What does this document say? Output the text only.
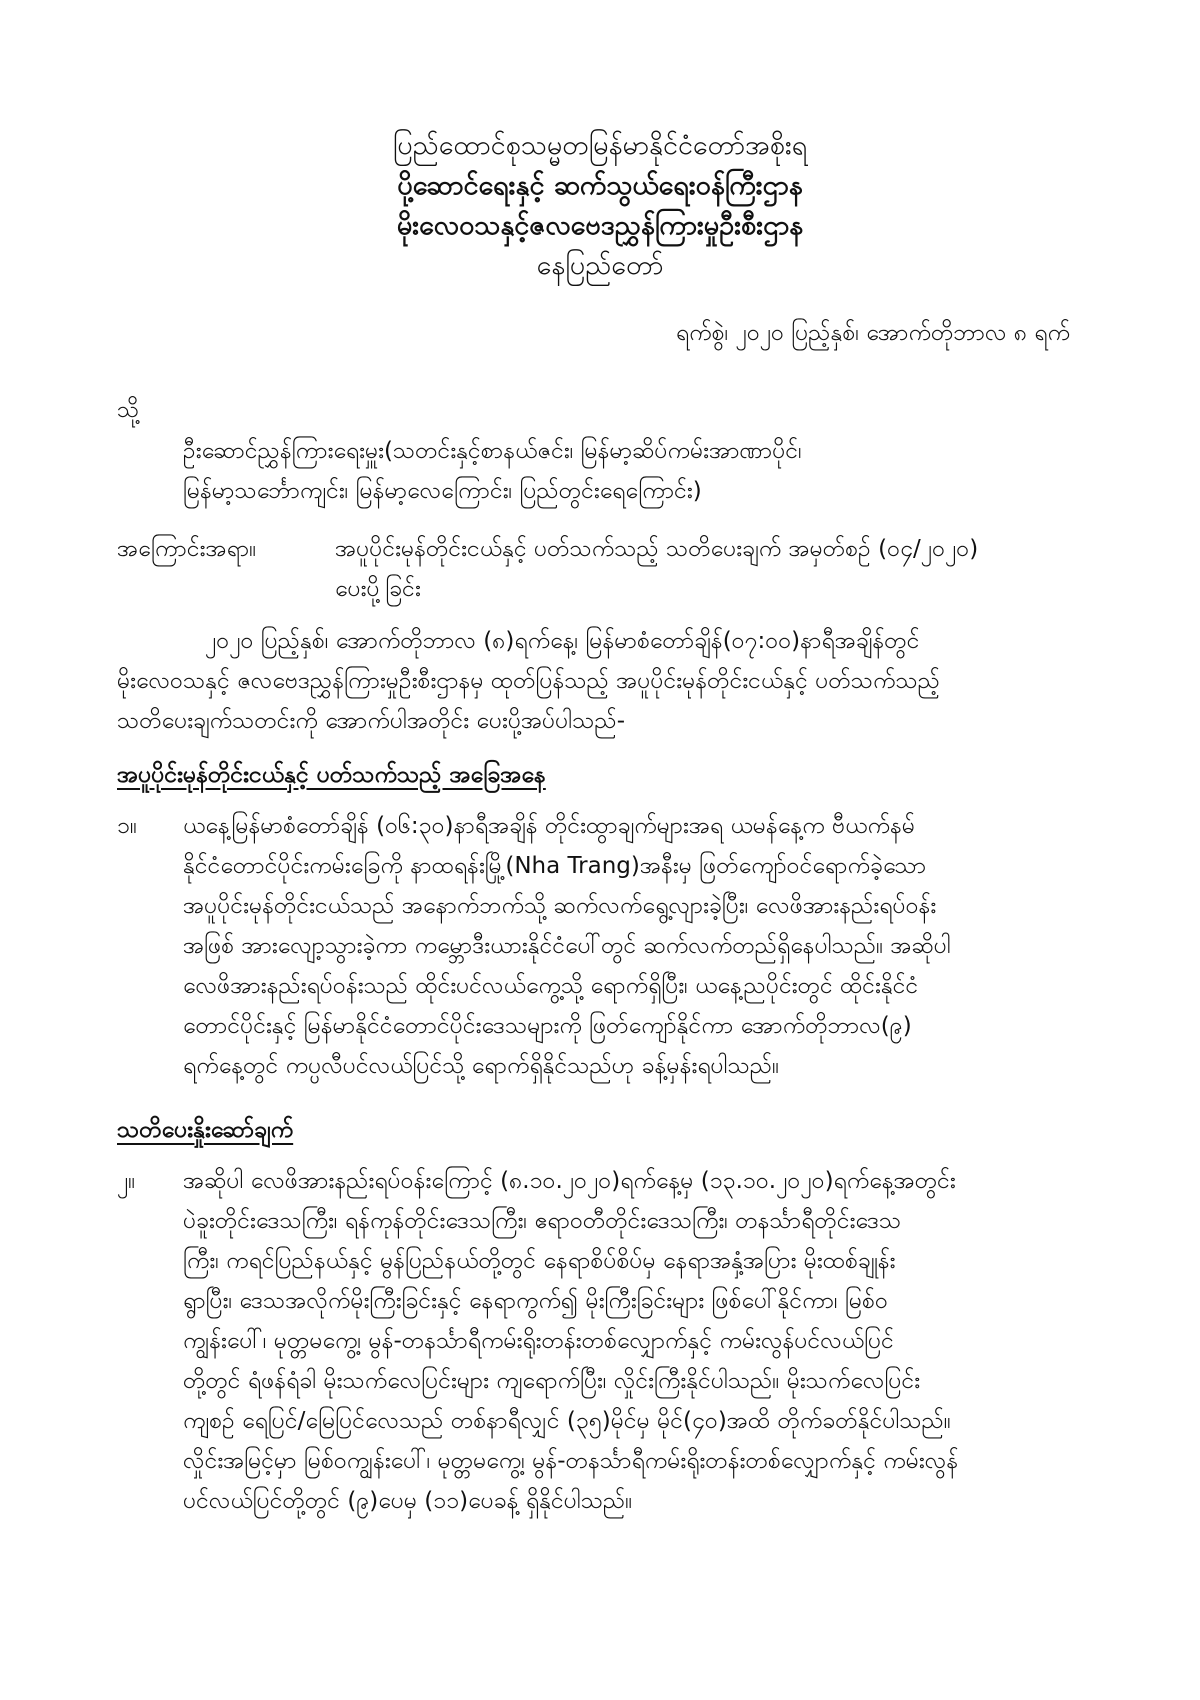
ပြည်ထောင်စုသမ္မတမြန်မာနိုင်ငံတော်အစိုးရ
ပို့ဆောင်ရေးနှင့် ဆက်သွယ်ရေးဝန်ကြီးဌာန
မိုးလေဝသနှင့်ဇလဗေဒညွှန်ကြားမှုဦးစီးဌာန
နေပြည်တော်
ရက်စွဲ၊ ၂၀၂၀ ပြည့်နှစ်၊ အောက်တိုဘာလ ၈ ရက်
သို့
ဦးဆောင်ညွှန်ကြားရေးမှူး(သတင်းနှင့်စာနယ်ဇင်း၊ မြန်မာ့ဆိပ်ကမ်းအာဏာပိုင်၊
မြန်မာ့သင်္ဘောကျင်း၊ မြန်မာ့လေကြောင်း၊ ပြည်တွင်းရေကြောင်း)
အကြောင်းအရာ။	အပူပိုင်းမုန်တိုင်းငယ်နှင့် ပတ်သက်သည့် သတိပေးချက် အမှတ်စဉ် (၀၄/၂၀၂၀)
ပေးပို့ခြင်း
၂၀၂၀ ပြည့်နှစ်၊ အောက်တိုဘာလ (၈)ရက်နေ့၊ မြန်မာစံတော်ချိန်(၀၇:၀၀)နာရီအချိန်တွင်
မိုးလေဝသနှင့် ဇလဗေဒညွှန်ကြားမှုဦးစီးဌာနမှ ထုတ်ပြန်သည့် အပူပိုင်းမုန်တိုင်းငယ်နှင့် ပတ်သက်သည့်
သတိပေးချက်သတင်းကို အောက်ပါအတိုင်း ပေးပို့အပ်ပါသည်-
အပူပိုင်းမုန်တိုင်းငယ်နှင့် ပတ်သက်သည့် အခြေအနေ
၁။ ယနေ့မြန်မာစံတော်ချိန် (၀၆:၃၀)နာရီအချိန် တိုင်းထွာချက်များအရ ယမန်နေ့က ဗီယက်နမ်
နိုင်ငံတောင်ပိုင်းကမ်းခြေကို နာထရန်းမြို့(Nha Trang)အနီးမှ ဖြတ်ကျော်ဝင်ရောက်ခဲ့သော
အပူပိုင်းမုန်တိုင်းငယ်သည် အနောက်ဘက်သို့ ဆက်လက်ရွေ့လျားခဲ့ပြီး၊ လေဖိအားနည်းရပ်ဝန်း
အဖြစ် အားလျော့သွားခဲ့ကာ ကမ္ဘောဒီးယားနိုင်ငံပေါ်တွင် ဆက်လက်တည်ရှိနေပါသည်။ အဆိုပါ
လေဖိအားနည်းရပ်ဝန်းသည် ထိုင်းပင်လယ်ကွေ့သို့ ရောက်ရှိပြီး၊ ယနေ့ညပိုင်းတွင် ထိုင်းနိုင်ငံ
တောင်ပိုင်းနှင့် မြန်မာနိုင်ငံတောင်ပိုင်းဒေသများကို ဖြတ်ကျော်နိုင်ကာ အောက်တိုဘာလ(၉)
ရက်နေ့တွင် ကပ္ပလီပင်လယ်ပြင်သို့ ရောက်ရှိနိုင်သည်ဟု ခန့်မှန်းရပါသည်။
သတိပေးနှိုးဆော်ချက်
၂။ အဆိုပါ လေဖိအားနည်းရပ်ဝန်းကြောင့် (၈.၁၀.၂၀၂၀)ရက်နေ့မှ (၁၃.၁၀.၂၀၂၀)ရက်နေ့အတွင်း
ပဲခူးတိုင်းဒေသကြီး၊ ရန်ကုန်တိုင်းဒေသကြီး၊ ဧရာဝတီတိုင်းဒေသကြီး၊ တနင်္သာရီတိုင်းဒေသ
ကြီး၊ ကရင်ပြည်နယ်နှင့် မွန်ပြည်နယ်တို့တွင် နေရာစိပ်စိပ်မှ နေရာအနှံ့အပြား မိုးထစ်ချုန်း
ရွာပြီး၊ ဒေသအလိုက်မိုးကြီးခြင်းနှင့် နေရာကွက်၍ မိုးကြီးခြင်းများ ဖြစ်ပေါ်နိုင်ကာ၊ မြစ်ဝ
ကျွန်းပေါ်၊ မုတ္တမကွေ့၊ မွန်-တနင်္သာရီကမ်းရိုးတန်းတစ်လျှောက်နှင့် ကမ်းလွန်ပင်လယ်ပြင်
တို့တွင် ရံဖန်ရံခါ မိုးသက်လေပြင်းများ ကျရောက်ပြီး၊ လှိုင်းကြီးနိုင်ပါသည်။ မိုးသက်လေပြင်း
ကျစဉ် ရေပြင်/မြေပြင်လေသည် တစ်နာရီလျှင် (၃၅)မိုင်မှ မိုင်(၄၀)အထိ တိုက်ခတ်နိုင်ပါသည်။
လှိုင်းအမြင့်မှာ မြစ်ဝကျွန်းပေါ်၊ မုတ္တမကွေ့၊ မွန်-တနင်္သာရီကမ်းရိုးတန်းတစ်လျှောက်နှင့် ကမ်းလွန်
ပင်လယ်ပြင်တို့တွင် (၉)ပေမှ (၁၁)ပေခန့် ရှိနိုင်ပါသည်။
